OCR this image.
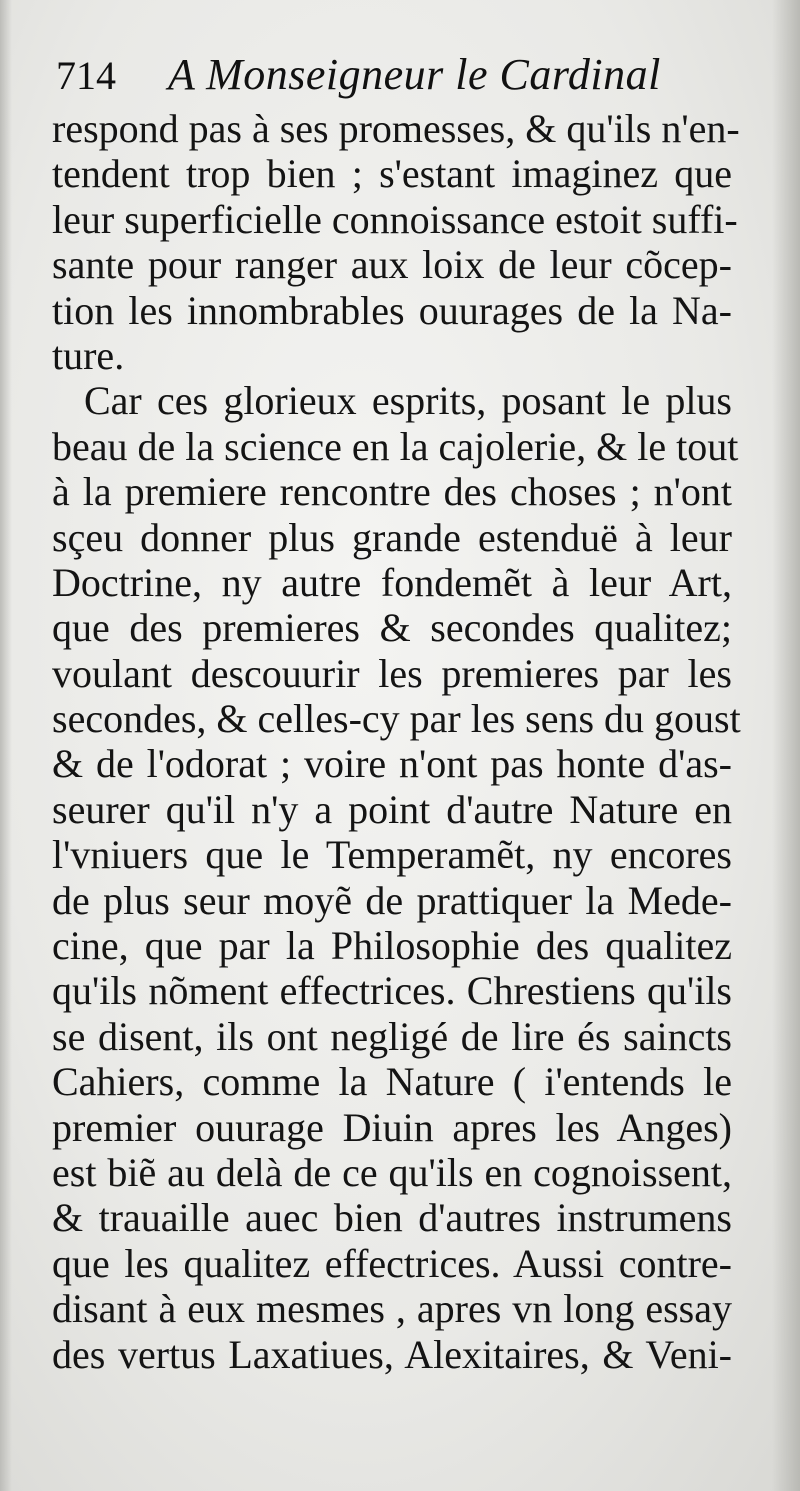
714 A Monseigneur le Cardinal
respond pas à ses promesses, & qu'ils n'en-
tendent trop bien ; s'estant imaginez que
leur superficielle connoissance estoit suffi-
sante pour ranger aux loix de leur cõcep-
tion les innombrables ouurages de la Na-
ture.
Car ces glorieux esprits, posant le plus
beau de la science en la cajolerie, & le tout
à la premiere rencontre des choses ; n'ont
sçeu donner plus grande estenduë à leur
Doctrine, ny autre fondemẽt à leur Art,
que des premieres & secondes qualitez;
voulant descouurir les premieres par les
secondes, & celles-cy par les sens du goust
& de l'odorat ; voire n'ont pas honte d'as-
seurer qu'il n'y a point d'autre Nature en
l'vniuers que le Temperamẽt, ny encores
de plus seur moyẽ de prattiquer la Mede-
cine, que par la Philosophie des qualitez
qu'ils nõment effectrices. Chrestiens qu'ils
se disent, ils ont negligé de lire és saincts
Cahiers, comme la Nature ( i'entends le
premier ouurage Diuin apres les Anges)
est biẽ au delà de ce qu'ils en cognoissent,
& trauaille auec bien d'autres instrumens
que les qualitez effectrices. Aussi contre-
disant à eux mesmes , apres vn long essay
des vertus Laxatiues, Alexitaires, & Veni-
